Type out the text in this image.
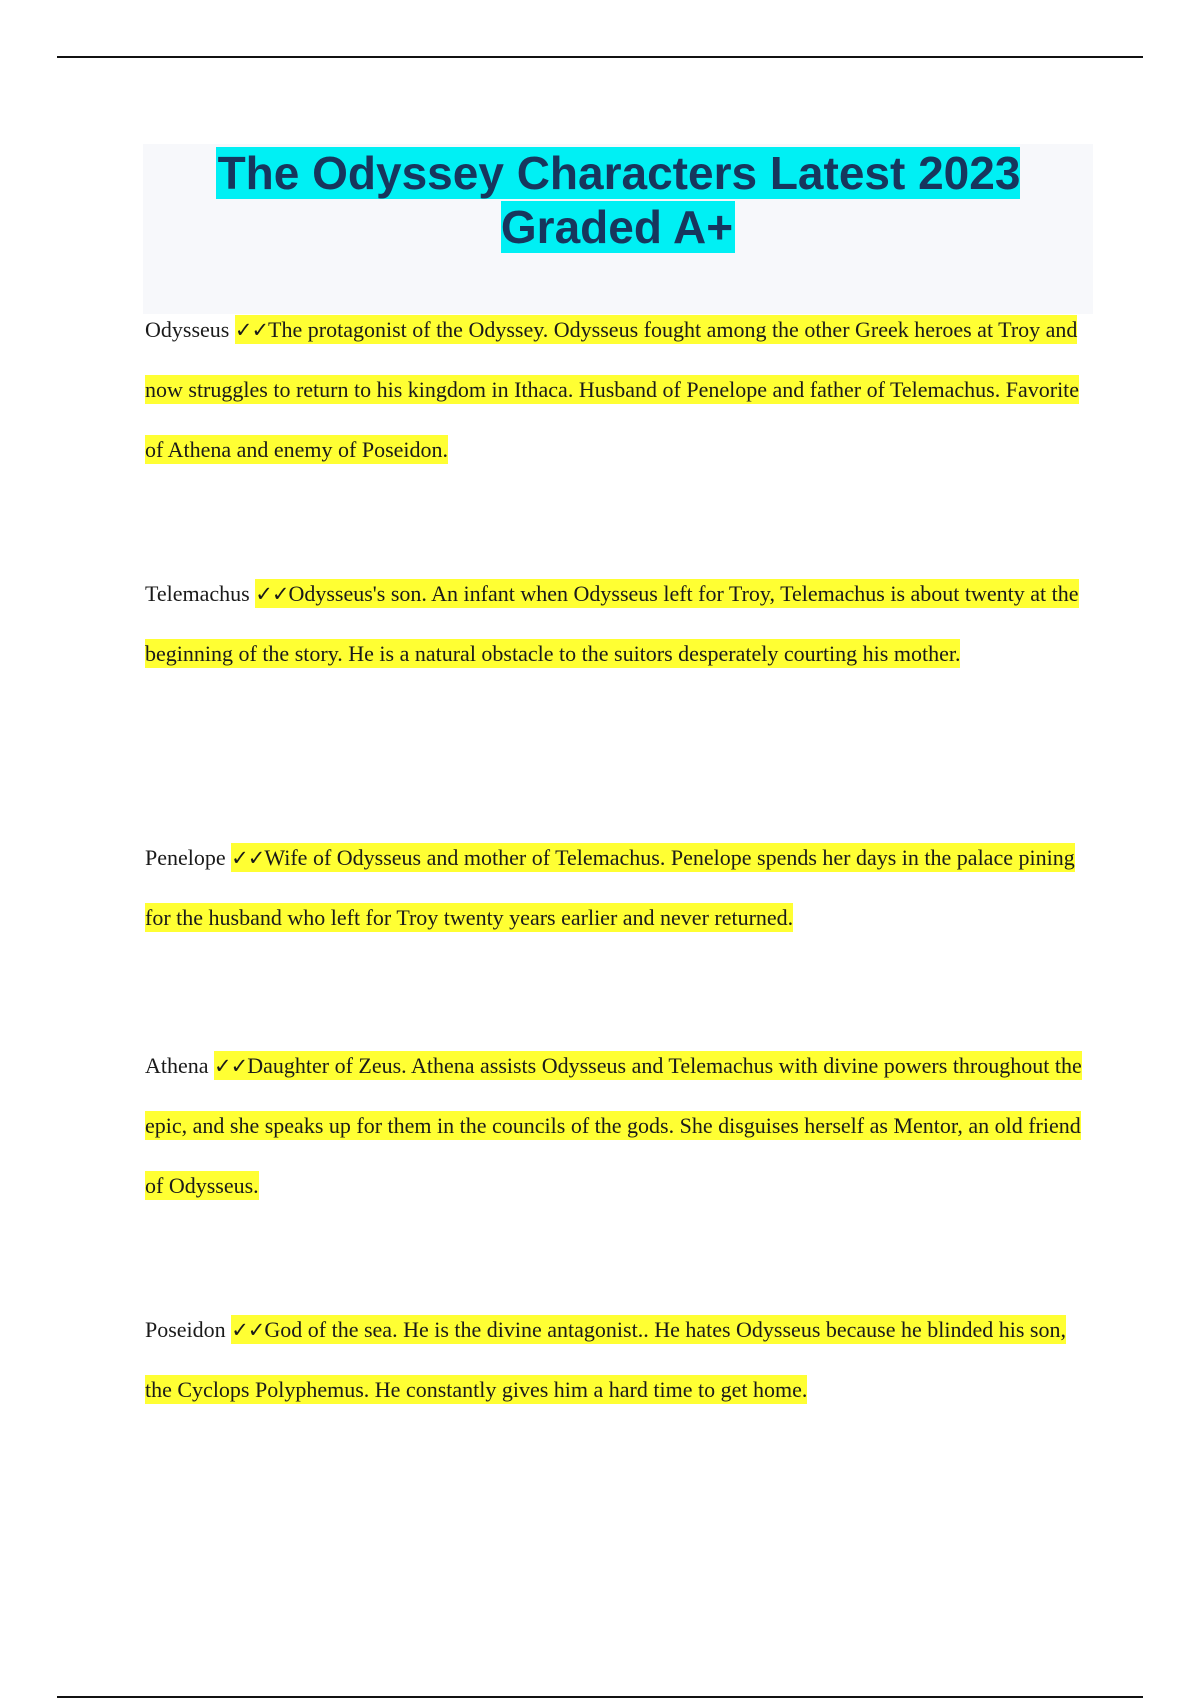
The Odyssey Characters Latest 2023 Graded A+

Odysseus ✓✓The protagonist of the Odyssey. Odysseus fought among the other Greek heroes at Troy and now struggles to return to his kingdom in Ithaca. Husband of Penelope and father of Telemachus. Favorite of Athena and enemy of Poseidon.

Telemachus ✓✓Odysseus's son. An infant when Odysseus left for Troy, Telemachus is about twenty at the beginning of the story. He is a natural obstacle to the suitors desperately courting his mother.

Penelope ✓✓Wife of Odysseus and mother of Telemachus. Penelope spends her days in the palace pining for the husband who left for Troy twenty years earlier and never returned.

Athena ✓✓Daughter of Zeus. Athena assists Odysseus and Telemachus with divine powers throughout the epic, and she speaks up for them in the councils of the gods. She disguises herself as Mentor, an old friend of Odysseus.

Poseidon ✓✓God of the sea. He is the divine antagonist.. He hates Odysseus because he blinded his son, the Cyclops Polyphemus. He constantly gives him a hard time to get home.
